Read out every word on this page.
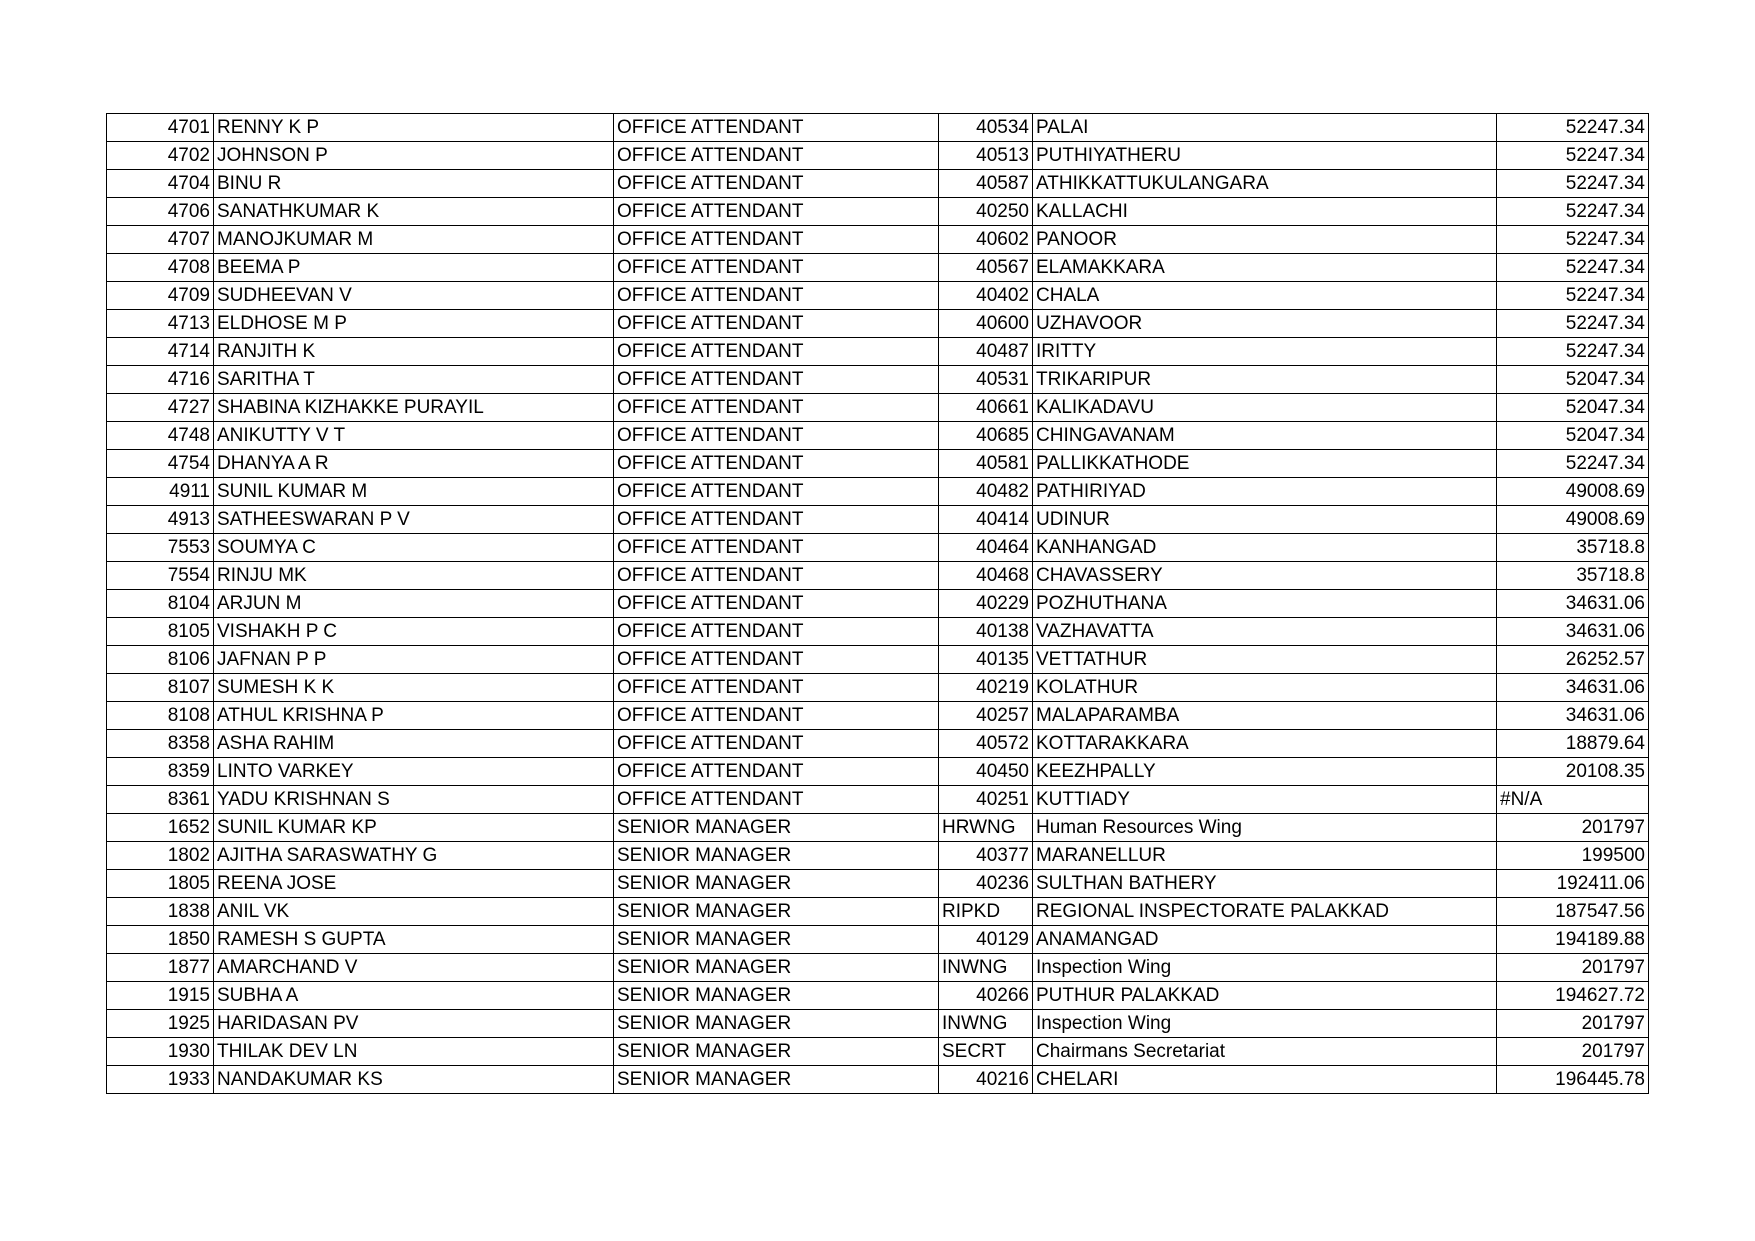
4701	RENNY K P	OFFICE ATTENDANT	40534	PALAI	52247.34
4702	JOHNSON P	OFFICE ATTENDANT	40513	PUTHIYATHERU	52247.34
4704	BINU R	OFFICE ATTENDANT	40587	ATHIKKATTUKULANGARA	52247.34
4706	SANATHKUMAR K	OFFICE ATTENDANT	40250	KALLACHI	52247.34
4707	MANOJKUMAR M	OFFICE ATTENDANT	40602	PANOOR	52247.34
4708	BEEMA P	OFFICE ATTENDANT	40567	ELAMAKKARA	52247.34
4709	SUDHEEVAN V	OFFICE ATTENDANT	40402	CHALA	52247.34
4713	ELDHOSE M P	OFFICE ATTENDANT	40600	UZHAVOOR	52247.34
4714	RANJITH K	OFFICE ATTENDANT	40487	IRITTY	52247.34
4716	SARITHA T	OFFICE ATTENDANT	40531	TRIKARIPUR	52047.34
4727	SHABINA KIZHAKKE PURAYIL	OFFICE ATTENDANT	40661	KALIKADAVU	52047.34
4748	ANIKUTTY V T	OFFICE ATTENDANT	40685	CHINGAVANAM	52047.34
4754	DHANYA A R	OFFICE ATTENDANT	40581	PALLIKKATHODE	52247.34
4911	SUNIL KUMAR M	OFFICE ATTENDANT	40482	PATHIRIYAD	49008.69
4913	SATHEESWARAN P V	OFFICE ATTENDANT	40414	UDINUR	49008.69
7553	SOUMYA C	OFFICE ATTENDANT	40464	KANHANGAD	35718.8
7554	RINJU MK	OFFICE ATTENDANT	40468	CHAVASSERY	35718.8
8104	ARJUN M	OFFICE ATTENDANT	40229	POZHUTHANA	34631.06
8105	VISHAKH P C	OFFICE ATTENDANT	40138	VAZHAVATTA	34631.06
8106	JAFNAN P P	OFFICE ATTENDANT	40135	VETTATHUR	26252.57
8107	SUMESH K K	OFFICE ATTENDANT	40219	KOLATHUR	34631.06
8108	ATHUL KRISHNA P	OFFICE ATTENDANT	40257	MALAPARAMBA	34631.06
8358	ASHA RAHIM	OFFICE ATTENDANT	40572	KOTTARAKKARA	18879.64
8359	LINTO VARKEY	OFFICE ATTENDANT	40450	KEEZHPALLY	20108.35
8361	YADU KRISHNAN S	OFFICE ATTENDANT	40251	KUTTIADY	#N/A
1652	SUNIL KUMAR KP	SENIOR MANAGER	HRWNG	Human Resources Wing	201797
1802	AJITHA SARASWATHY G	SENIOR MANAGER	40377	MARANELLUR	199500
1805	REENA JOSE	SENIOR MANAGER	40236	SULTHAN BATHERY	192411.06
1838	ANIL VK	SENIOR MANAGER	RIPKD	REGIONAL INSPECTORATE PALAKKAD	187547.56
1850	RAMESH S GUPTA	SENIOR MANAGER	40129	ANAMANGAD	194189.88
1877	AMARCHAND V	SENIOR MANAGER	INWNG	Inspection Wing	201797
1915	SUBHA A	SENIOR MANAGER	40266	PUTHUR PALAKKAD	194627.72
1925	HARIDASAN PV	SENIOR MANAGER	INWNG	Inspection Wing	201797
1930	THILAK DEV LN	SENIOR MANAGER	SECRT	Chairmans Secretariat	201797
1933	NANDAKUMAR KS	SENIOR MANAGER	40216	CHELARI	196445.78
